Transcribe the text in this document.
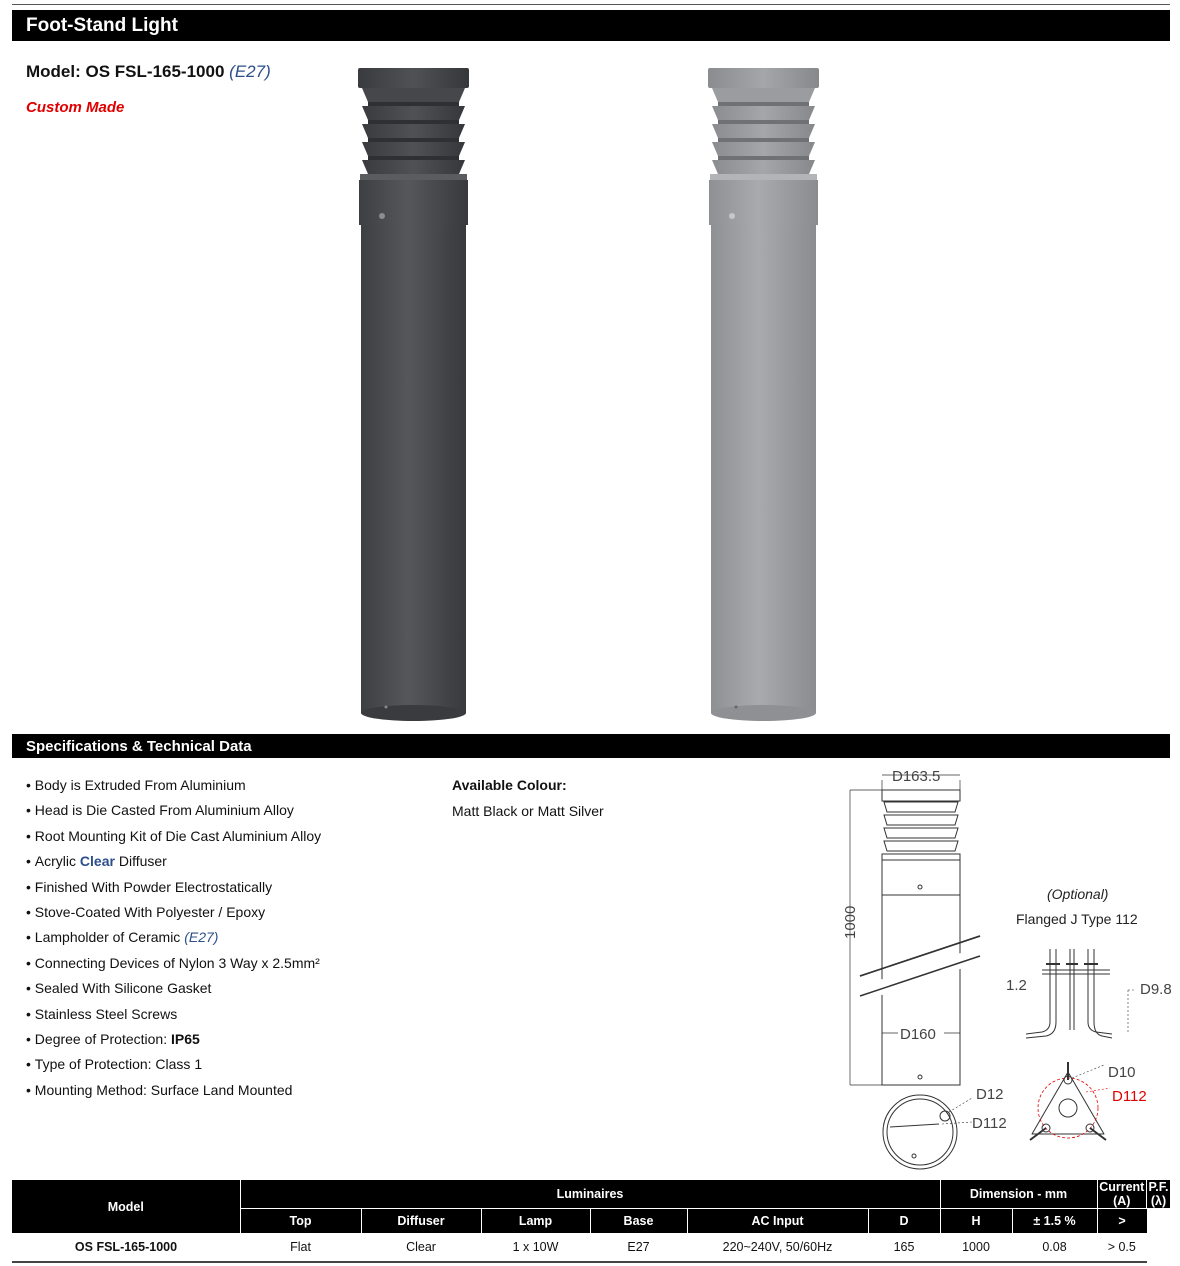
Foot-Stand Light
Model: OS FSL-165-1000 (E27)
Custom Made
Specifications & Technical Data
• Body is Extruded From Aluminium
• Head is Die Casted From Aluminium Alloy
• Root Mounting Kit of Die Cast Aluminium Alloy
• Acrylic Clear Diffuser
• Finished With Powder Electrostatically
• Stove-Coated With Polyester / Epoxy
• Lampholder of Ceramic (E27)
• Connecting Devices of Nylon 3 Way x 2.5mm²
• Sealed With Silicone Gasket
• Stainless Steel Screws
• Degree of Protection: IP65
• Type of Protection: Class 1
• Mounting Method: Surface Land Mounted
Available Colour:
Matt Black or Matt Silver
D163.5
1000
D160
D12
D112
(Optional)
Flanged J Type 112
1.2	D9.8
D10
D112
Model	Luminaires						Dimension - mm		Current (A)	P.F. (λ)
	Top	Diffuser	Lamp	Base	AC Input	D	H	± 1.5 %	>	
OS FSL-165-1000	Flat	Clear	1 x 10W	E27	220~240V, 50/60Hz	165	1000	0.08	> 0.5	
